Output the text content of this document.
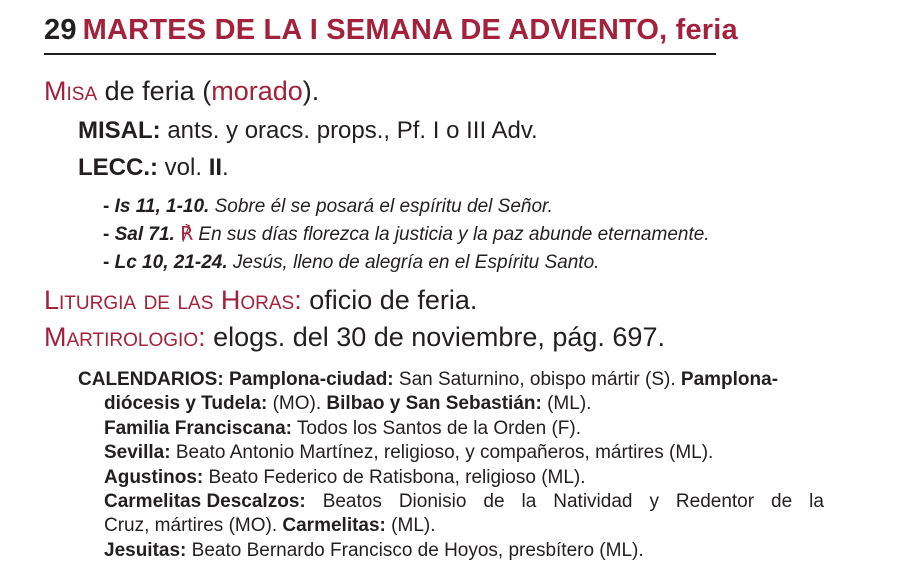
29 MARTES DE LA I SEMANA DE ADVIENTO, feria
Misa de feria (morado).
MISAL: ants. y oracs. props., Pf. I o III Adv.
LECC.: vol. II.
- Is 11, 1-10. Sobre él se posará el espíritu del Señor.
- Sal 71. ℟ En sus días florezca la justicia y la paz abunde eternamente.
- Lc 10, 21-24. Jesús, lleno de alegría en el Espíritu Santo.
Liturgia de las Horas: oficio de feria.
Martirologio: elogs. del 30 de noviembre, pág. 697.
CALENDARIOS: Pamplona-ciudad: San Saturnino, obispo mártir (S). Pamplona-
diócesis y Tudela: (MO). Bilbao y San Sebastián: (ML).
Familia Franciscana: Todos los Santos de la Orden (F).
Sevilla: Beato Antonio Martínez, religioso, y compañeros, mártires (ML).
Agustinos: Beato Federico de Ratisbona, religioso (ML).
Carmelitas Descalzos: Beatos Dionisio de la Natividad y Redentor de la
Cruz, mártires (MO). Carmelitas: (ML).
Jesuitas: Beato Bernardo Francisco de Hoyos, presbítero (ML).
